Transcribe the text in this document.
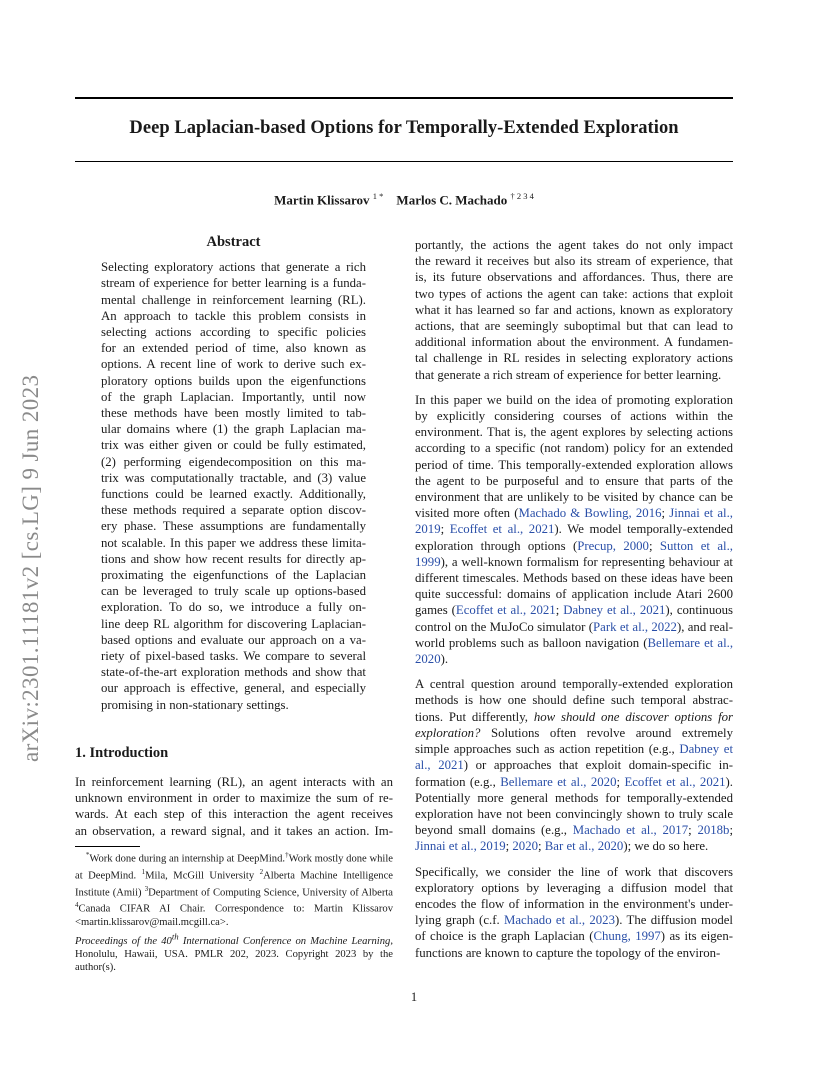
arXiv:2301.11181v2 [cs.LG] 9 Jun 2023
Deep Laplacian-based Options for Temporally-Extended Exploration
Martin Klissarov $^{1 *}$ Marlos C. Machado $^{\dagger 2 3 4}$
Abstract
Selecting exploratory actions that generate a rich
stream of experience for better learning is a funda-
mental challenge in reinforcement learning (RL).
An approach to tackle this problem consists in
selecting actions according to specific policies
for an extended period of time, also known as
options. A recent line of work to derive such ex-
ploratory options builds upon the eigenfunctions
of the graph Laplacian. Importantly, until now
these methods have been mostly limited to tab-
ular domains where (1) the graph Laplacian ma-
trix was either given or could be fully estimated,
(2) performing eigendecomposition on this ma-
trix was computationally tractable, and (3) value
functions could be learned exactly. Additionally,
these methods required a separate option discov-
ery phase. These assumptions are fundamentally
not scalable. In this paper we address these limita-
tions and show how recent results for directly ap-
proximating the eigenfunctions of the Laplacian
can be leveraged to truly scale up options-based
exploration. To do so, we introduce a fully on-
line deep RL algorithm for discovering Laplacian-
based options and evaluate our approach on a va-
riety of pixel-based tasks. We compare to several
state-of-the-art exploration methods and show that
our approach is effective, general, and especially
promising in non-stationary settings.
1. Introduction
In reinforcement learning (RL), an agent interacts with an
unknown environment in order to maximize the sum of re-
wards. At each step of this interaction the agent receives
an observation, a reward signal, and it takes an action. Im-
*Work done during an internship at DeepMind.†Work mostly done while at DeepMind. $^1$Mila, McGill University $^2$Alberta Machine Intelligence Institute (Amii) $^3$Department of Computing Science, University of Alberta $^4$Canada CIFAR AI Chair. Correspondence to: Martin Klissarov <martin.klissarov@mail.mcgill.ca>.
Proceedings of the 40th International Conference on Machine Learning, Honolulu, Hawaii, USA. PMLR 202, 2023. Copyright 2023 by the author(s).

portantly, the actions the agent takes do not only impact
the reward it receives but also its stream of experience, that
is, its future observations and affordances. Thus, there are
two types of actions the agent can take: actions that exploit
what it has learned so far and actions, known as exploratory
actions, that are seemingly suboptimal but that can lead to
additional information about the environment. A fundamen-
tal challenge in RL resides in selecting exploratory actions
that generate a rich stream of experience for better learning.

In this paper we build on the idea of promoting exploration by explicitly considering courses of actions within the environment. That is, the agent explores by selecting actions according to a specific (not random) policy for an extended period of time. This temporally-extended exploration allows the agent to be purposeful and to ensure that parts of the environment that are unlikely to be visited by chance can be visited more often (Machado & Bowling, 2016; Jinnai et al., 2019; Ecoffet et al., 2021). We model temporally-extended exploration through options (Precup, 2000; Sutton et al., 1999), a well-known formalism for representing behaviour at different timescales. Methods based on these ideas have been quite successful: domains of application include Atari 2600 games (Ecoffet et al., 2021; Dabney et al., 2021), continuous control on the MuJoCo simulator (Park et al., 2022), and real-world problems such as balloon navigation (Bellemare et al., 2020).

A central question around temporally-extended exploration methods is how one should define such temporal abstrac- tions. Put differently, how should one discover options for exploration? Solutions often revolve around extremely simple approaches such as action repetition (e.g., Dabney et al., 2021) or approaches that exploit domain-specific in- formation (e.g., Bellemare et al., 2020; Ecoffet et al., 2021). Potentially more general methods for temporally-extended exploration have not been convincingly shown to truly scale beyond small domains (e.g., Machado et al., 2017; 2018b; Jinnai et al., 2019; 2020; Bar et al., 2020); we do so here.

Specifically, we consider the line of work that discovers exploratory options by leveraging a diffusion model that encodes the flow of information in the environment's under- lying graph (c.f. Machado et al., 2023). The diffusion model of choice is the graph Laplacian (Chung, 1997) as its eigen- functions are known to capture the topology of the environ-

1
